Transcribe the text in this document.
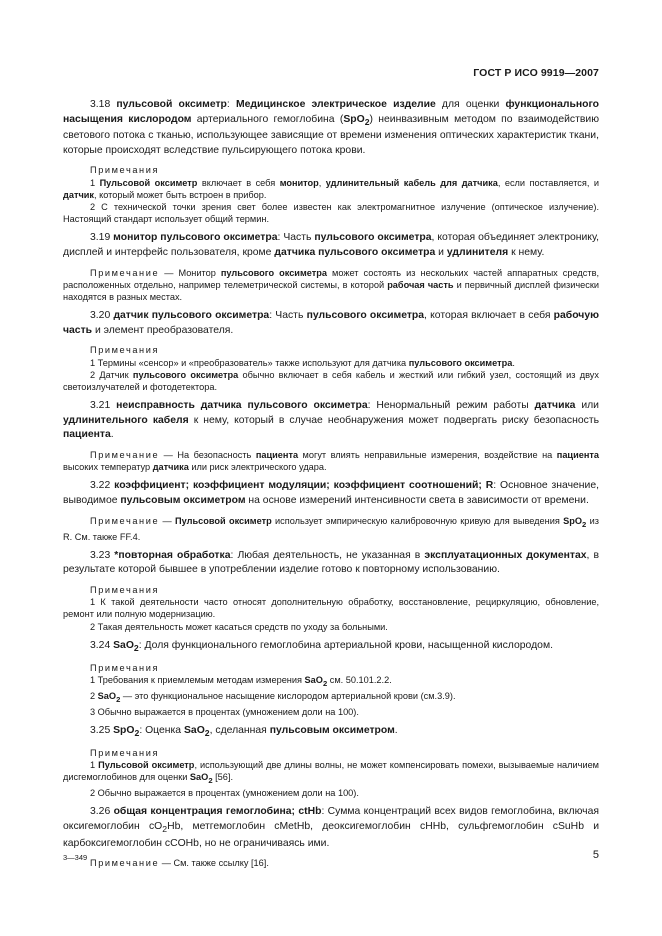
ГОСТ Р ИСО 9919—2007

3.18 пульсовой оксиметр: Медицинское электрическое изделие для оценки функционального насыщения кислородом артериального гемоглобина (SpO$_2$) неинвазивным методом по взаимодействию светового потока с тканью, использующее зависящие от времени изменения оптических характеристик ткани, которые происходят вследствие пульсирующего потока крови.

Примечания

1 Пульсовой оксиметр включает в себя монитор, удлинительный кабель для датчика, если поставляется, и датчик, который может быть встроен в прибор.

2 С технической точки зрения свет более известен как электромагнитное излучение (оптическое излучение). Настоящий стандарт использует общий термин.

3.19 монитор пульсового оксиметра: Часть пульсового оксиметра, которая объединяет электронику, дисплей и интерфейс пользователя, кроме датчика пульсового оксиметра и удлинителя к нему.

Примечание — Монитор пульсового оксиметра может состоять из нескольких частей аппаратных средств, расположенных отдельно, например телеметрической системы, в которой рабочая часть и первичный дисплей физически находятся в разных местах.

3.20 датчик пульсового оксиметра: Часть пульсового оксиметра, которая включает в себя рабочую часть и элемент преобразователя.

Примечания

1 Термины «сенсор» и «преобразователь» также используют для датчика пульсового оксиметра.

2 Датчик пульсового оксиметра обычно включает в себя кабель и жесткий или гибкий узел, состоящий из двух светоизлучателей и фотодетектора.

3.21 неисправность датчика пульсового оксиметра: Ненормальный режим работы датчика или удлинительного кабеля к нему, который в случае необнаружения может подвергать риску безопасность пациента.

Примечание — На безопасность пациента могут влиять неправильные измерения, воздействие на пациента высоких температур датчика или риск электрического удара.

3.22 коэффициент; коэффициент модуляции; коэффициент соотношений; R: Основное значение, выводимое пульсовым оксиметром на основе измерений интенсивности света в зависимости от времени.

Примечание — Пульсовой оксиметр использует эмпирическую калибровочную кривую для выведения SpO$_2$ из R. См. также FF.4.

3.23 *повторная обработка: Любая деятельность, не указанная в эксплуатационных документах, в результате которой бывшее в употреблении изделие готово к повторному использованию.

Примечания

1 К такой деятельности часто относят дополнительную обработку, восстановление, рециркуляцию, обновление, ремонт или полную модернизацию.

2 Такая деятельность может касаться средств по уходу за больными.

3.24 SaO$_2$: Доля функционального гемоглобина артериальной крови, насыщенной кислородом.

Примечания

1 Требования к приемлемым методам измерения SaO$_2$ см. 50.101.2.2.

2 SaO$_2$ — это функциональное насыщение кислородом артериальной крови (см.3.9).

3 Обычно выражается в процентах (умножением доли на 100).

3.25 SpO$_2$: Оценка SaO$_2$, сделанная пульсовым оксиметром.

Примечания

1 Пульсовой оксиметр, использующий две длины волны, не может компенсировать помехи, вызываемые наличием дисгемоглобинов для оценки SaO$_2$ [56].

2 Обычно выражается в процентах (умножением доли на 100).

3.26 общая концентрация гемоглобина; ctHb: Сумма концентраций всех видов гемоглобина, включая оксигемоглобин $cO_2Hb$, метгемоглобин cMetHb, деоксигемоглобин cHHb, сульфгемоглобин cSuHb и карбоксигемоглобин cCOHb, но не ограничиваясь ими.

Примечание — См. также ссылку [16].

3—349	5
